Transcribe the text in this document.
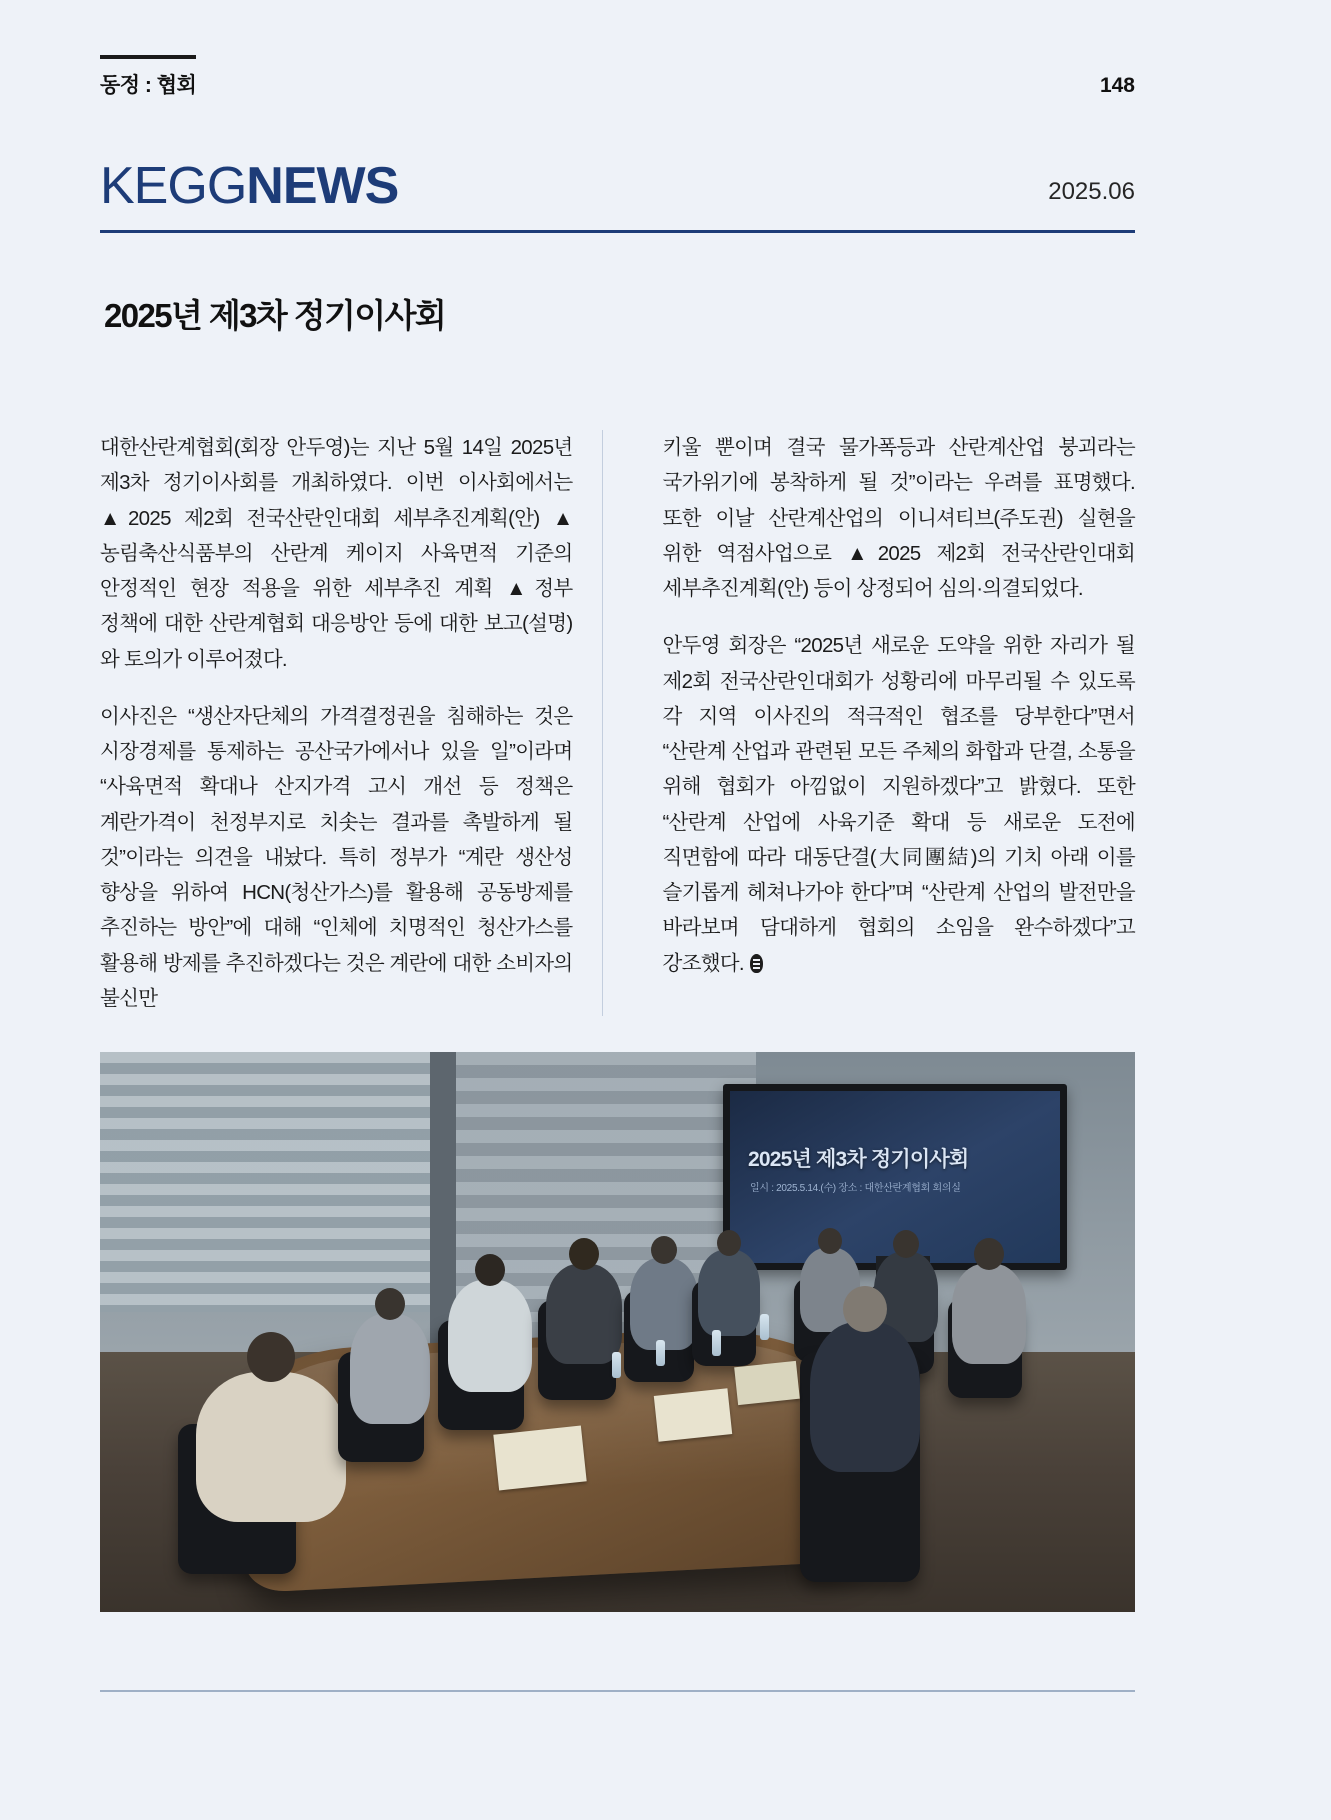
동정 : 협회	148
KEGGNEWS	2025.06
2025년 제3차 정기이사회

대한산란계협회(회장 안두영)는 지난 5월 14일 2025년 제3차 정기이사회를 개최하였다. 이번 이사회에서는 ▲2025 제2회 전국산란인대회 세부추진계획(안) ▲농림축산식품부의 산란계 케이지 사육면적 기준의 안정적인 현장 적용을 위한 세부추진 계획 ▲정부 정책에 대한 산란계협회 대응방안 등에 대한 보고(설명)와 토의가 이루어졌다.

이사진은 “생산자단체의 가격결정권을 침해하는 것은 시장경제를 통제하는 공산국가에서나 있을 일”이라며 “사육면적 확대나 산지가격 고시 개선 등 정책은 계란가격이 천정부지로 치솟는 결과를 촉발하게 될 것”이라는 의견을 내놨다. 특히 정부가 “계란 생산성 향상을 위하여 HCN(청산가스)를 활용해 공동방제를 추진하는 방안”에 대해 “인체에 치명적인 청산가스를 활용해 방제를 추진하겠다는 것은 계란에 대한 소비자의 불신만

키울 뿐이며 결국 물가폭등과 산란계산업 붕괴라는 국가위기에 봉착하게 될 것”이라는 우려를 표명했다. 또한 이날 산란계산업의 이니셔티브(주도권) 실현을 위한 역점사업으로 ▲2025 제2회 전국산란인대회 세부추진계획(안) 등이 상정되어 심의·의결되었다.

안두영 회장은 “2025년 새로운 도약을 위한 자리가 될 제2회 전국산란인대회가 성황리에 마무리될 수 있도록 각 지역 이사진의 적극적인 협조를 당부한다”면서 “산란계 산업과 관련된 모든 주체의 화합과 단결, 소통을 위해 협회가 아낌없이 지원하겠다”고 밝혔다. 또한 “산란계 산업에 사육기준 확대 등 새로운 도전에 직면함에 따라 대동단결(大同團結)의 기치 아래 이를 슬기롭게 헤쳐나가야 한다”며 “산란계 산업의 발전만을 바라보며 담대하게 협회의 소임을 완수하겠다”고 강조했다.

2025년 제3차 정기이사회
일시 : 2025.5.14.(수) 장소 : 대한산란계협회 회의실
